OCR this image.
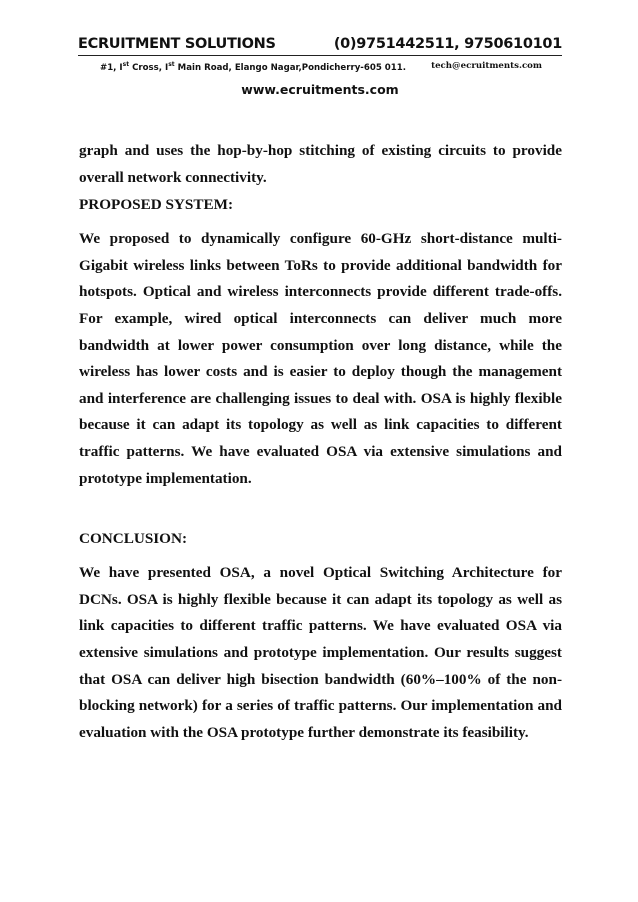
ECRUITMENT SOLUTIONS	(0)9751442511, 9750610101
#1, Ist Cross, Ist Main Road, Elango Nagar,Pondicherry-605 011.	tech@ecruitments.com
www.ecruitments.com

graph and uses the hop-by-hop stitching of existing circuits to provide overall network connectivity.

PROPOSED SYSTEM:

We proposed to dynamically configure 60-GHz short-distance multi-Gigabit wireless links between ToRs to provide additional bandwidth for hotspots. Optical and wireless interconnects provide different trade-offs. For example, wired optical interconnects can deliver much more bandwidth at lower power consumption over long distance, while the wireless has lower costs and is easier to deploy though the management and interference are challenging issues to deal with. OSA is highly flexible because it can adapt its topology as well as link capacities to different traffic patterns. We have evaluated OSA via extensive simulations and prototype implementation.

CONCLUSION:

We have presented OSA, a novel Optical Switching Architecture for DCNs. OSA is highly flexible because it can adapt its topology as well as link capacities to different traffic patterns. We have evaluated OSA via extensive simulations and prototype implementation. Our results suggest that OSA can deliver high bisection bandwidth (60%–100% of the non-blocking network) for a series of traffic patterns. Our implementation and evaluation with the OSA prototype further demonstrate its feasibility.
